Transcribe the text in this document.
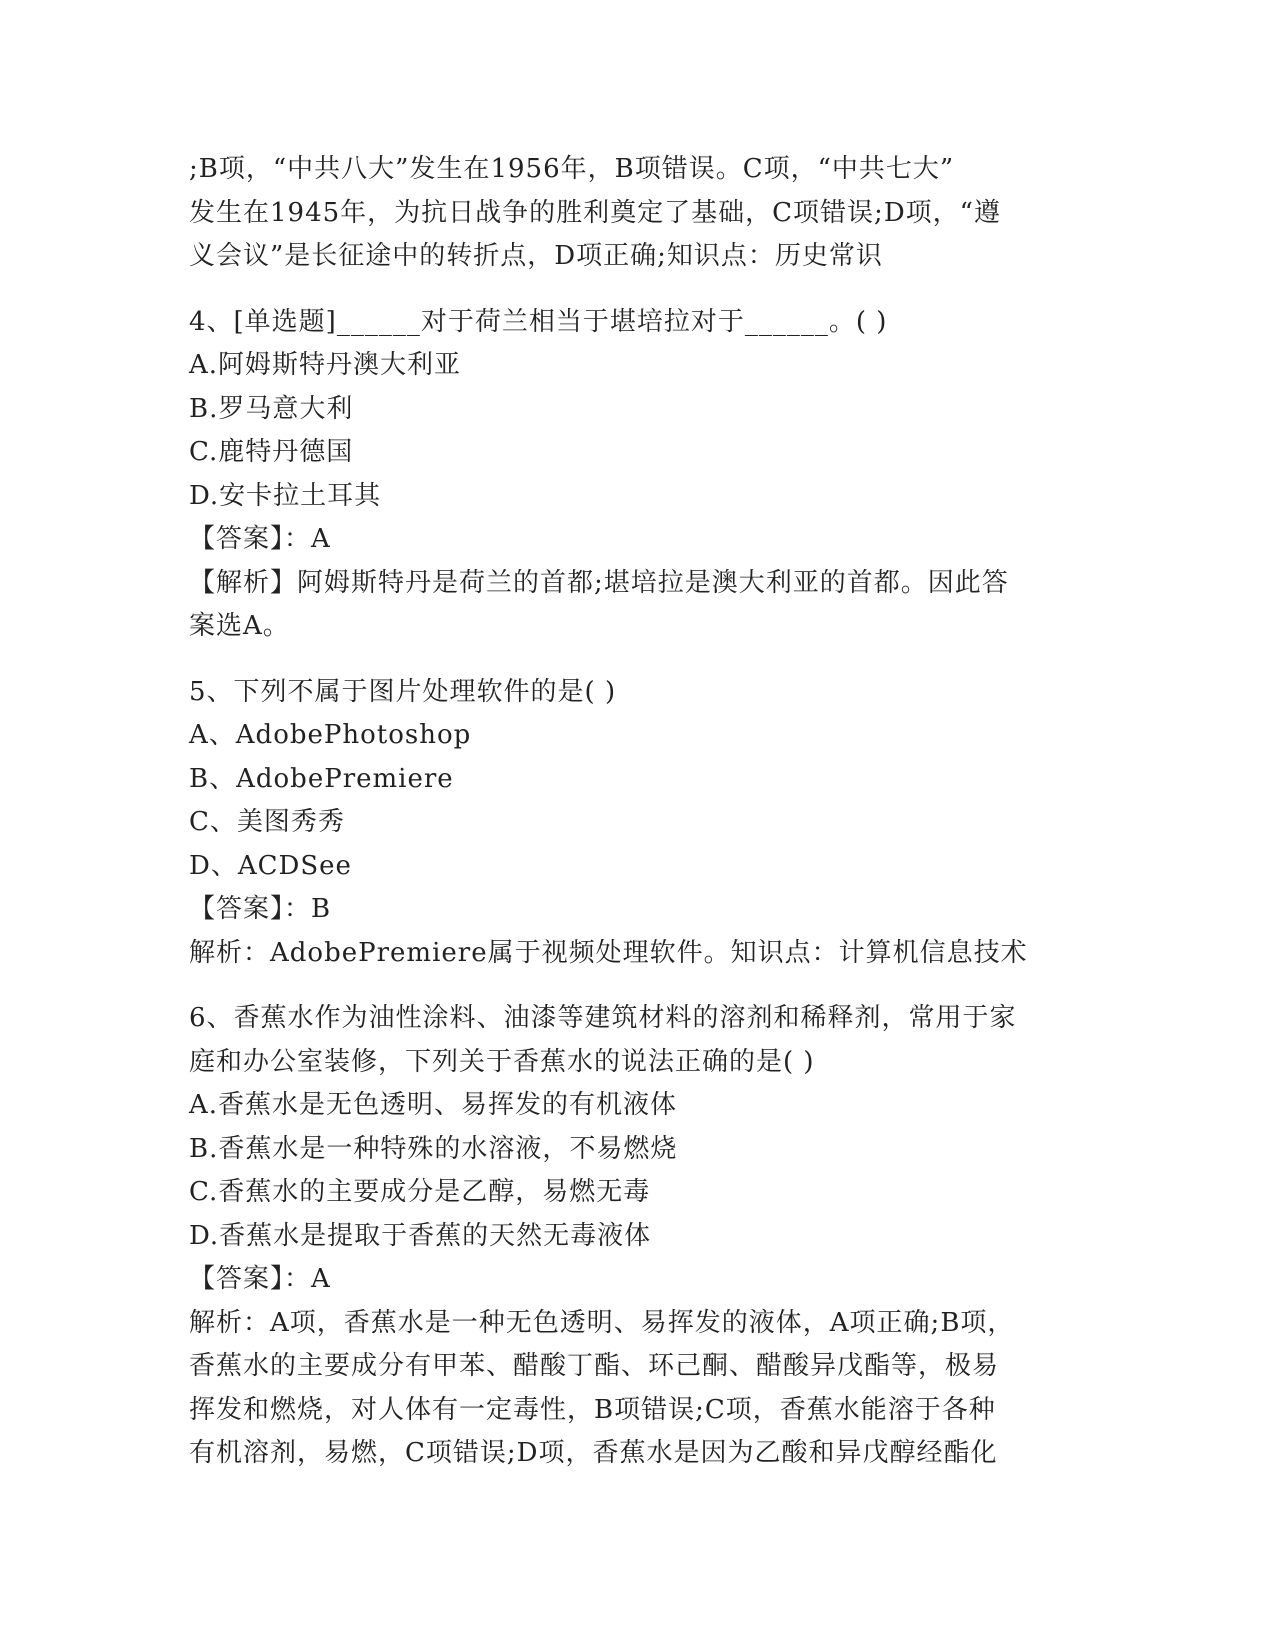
;B项，“中共八大”发生在1956年，B项错误。C项，“中共七大”
发生在1945年，为抗日战争的胜利奠定了基础，C项错误;D项，“遵
义会议”是长征途中的转折点，D项正确;知识点：历史常识
4、[单选题]______对于荷兰相当于堪培拉对于______。( )
A.阿姆斯特丹澳大利亚
B.罗马意大利
C.鹿特丹德国
D.安卡拉土耳其
【答案】：A
【解析】阿姆斯特丹是荷兰的首都;堪培拉是澳大利亚的首都。因此答
案选A。
5、下列不属于图片处理软件的是( )
A、AdobePhotoshop
B、AdobePremiere
C、美图秀秀
D、ACDSee
【答案】：B
解析：AdobePremiere属于视频处理软件。知识点：计算机信息技术
6、香蕉水作为油性涂料、油漆等建筑材料的溶剂和稀释剂，常用于家
庭和办公室装修，下列关于香蕉水的说法正确的是( )
A.香蕉水是无色透明、易挥发的有机液体
B.香蕉水是一种特殊的水溶液，不易燃烧
C.香蕉水的主要成分是乙醇，易燃无毒
D.香蕉水是提取于香蕉的天然无毒液体
【答案】：A
解析：A项，香蕉水是一种无色透明、易挥发的液体，A项正确;B项，
香蕉水的主要成分有甲苯、醋酸丁酯、环己酮、醋酸异戊酯等，极易
挥发和燃烧，对人体有一定毒性，B项错误;C项，香蕉水能溶于各种
有机溶剂，易燃，C项错误;D项，香蕉水是因为乙酸和异戊醇经酯化
